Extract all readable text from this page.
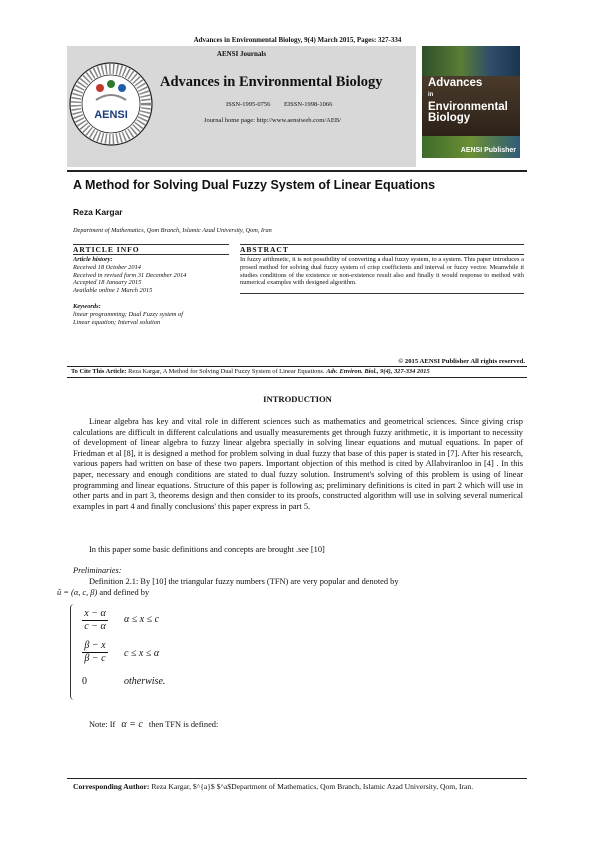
Advances in Environmental Biology, 9(4) March 2015, Pages: 327-334
AENSI Journals
AENSI
Advances in Environmental Biology
ISSN-1995-0756 EISSN-1998-1066
Journal home page: http://www.aensiweb.com/AEB/
Advances
in
Environmental Biology
AENSI Publisher
A Method for Solving Dual Fuzzy System of Linear Equations
Reza Kargar
Department of Mathematics, Qom Branch, Islamic Azad University, Qom, Iran
ARTICLE INFO
Article history:
Received 18 October 2014
Received in revised form 31 December 2014
Accepted 18 January 2015
Available online 1 March 2015
Keywords:
linear programming; Dual Fuzzy system of Linear equation; Interval solution
ABSTRACT
In fuzzy arithmetic, it is not possibility of converting a dual fuzzy system, to a system. This paper introduces a prosed method for solving dual fuzzy system of crisp coefficients and interval or fuzzy vector. Meanwhile it studies conditions of the existence or non-existence result also and finally it would response to method with numerical examples with designed algorithm.
© 2015 AENSI Publisher All rights reserved.
To Cite This Article: Reza Kargar, A Method for Solving Dual Fuzzy System of Linear Equations. Adv. Environ. Biol., 9(4), 327-334 2015
INTRODUCTION
Linear algebra has key and vital role in different sciences such as mathematics and geometrical sciences. Since giving crisp calculations are difficult in different calculations and usually measurements get through fuzzy arithmetic, it is important to necessity of development of linear algebra to fuzzy linear algebra specially in solving linear equations and mutual equations. In paper of Friedman et al [8], it is designed a method for problem solving in dual fuzzy that base of this paper is stated in [7]. After his research, various papers had written on base of these two papers. Important objection of this method is cited by Allahviranloo in [4] . In this paper, necessary and enough conditions are stated to dual fuzzy solution. Instrument's solving of this problem is using of linear programming and linear equations. Structure of this paper is following as; preliminary definitions is cited in part 2 which will use in other parts and in part 3, theorems design and then consider to its proofs, constructed algorithm will use in solving several numerical examples in part 4 and finally conclusions' this paper express in part 5.
In this paper some basic definitions and concepts are brought .see [10]
Preliminaries:
Definition 2.1: By [10] the triangular fuzzy numbers (TFN) are very popular and denoted by
ũ = (α, c, β) and defined by
$\frac{x - \alpha}{c - \alpha}$ α ≤ x ≤ c
$\frac{\beta - x}{\beta - c}$ c ≤ x ≤ α
0	otherwise.
Note: If α = c then TFN is defined:
Corresponding Author: Reza Kargar, $^{a}$ $^a$Department of Mathematics, Qom Branch, Islamic Azad University, Qom, Iran.
